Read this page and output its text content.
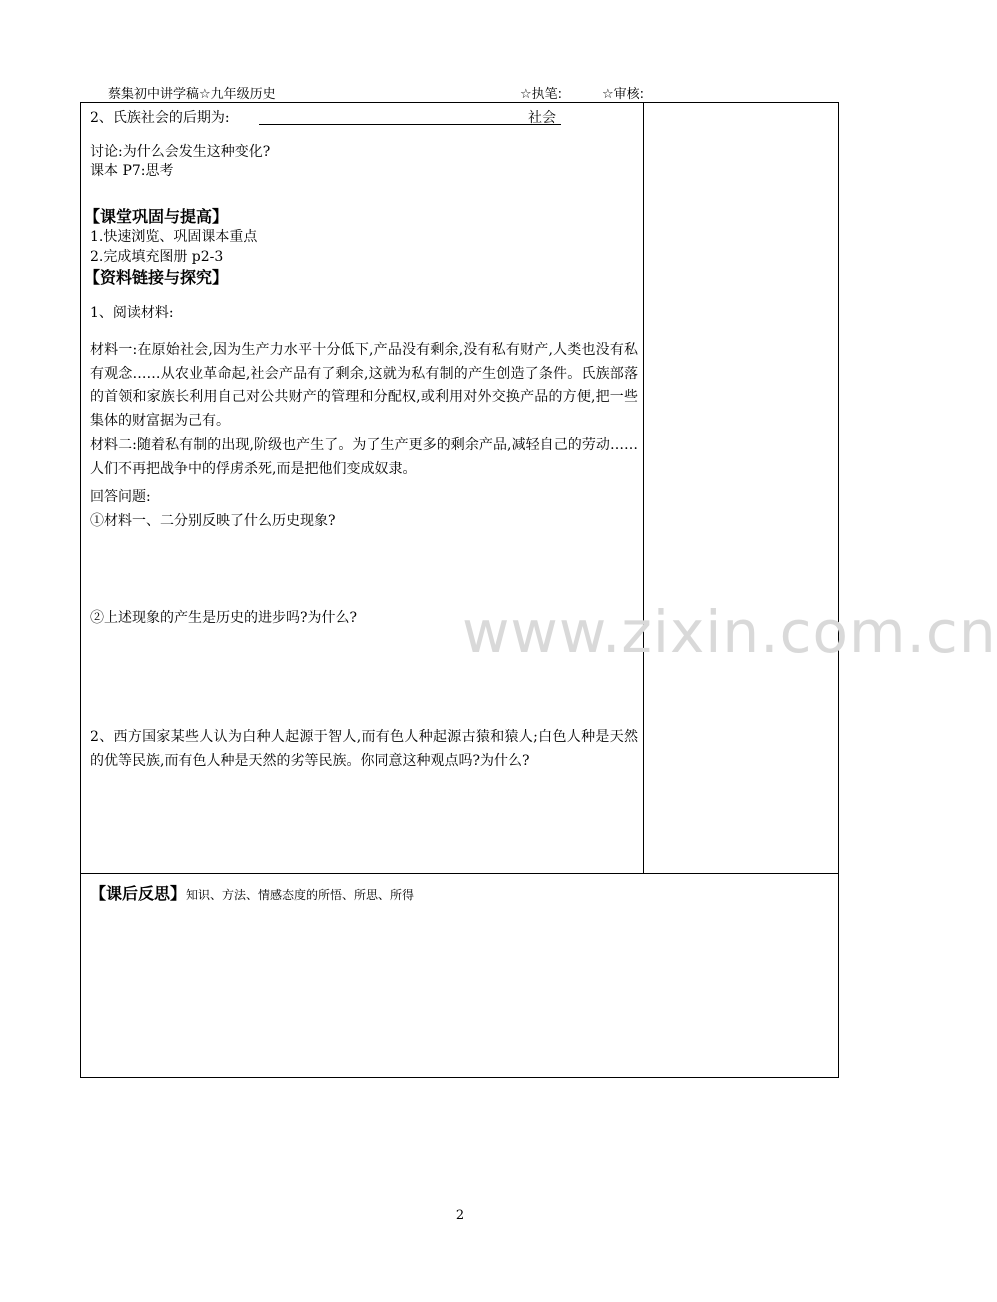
蔡集初中讲学稿☆九年级历史	☆执笔:	☆审核:
2、氏族社会的后期为:	社会
讨论:为什么会发生这种变化?
课本 P7:思考
【课堂巩固与提高】
1.快速浏览、巩固课本重点
2.完成填充图册 p2-3
【资料链接与探究】
1、阅读材料:
材料一:在原始社会,因为生产力水平十分低下,产品没有剩余,没有私有财产,人类也没有私有观念……从农业革命起,社会产品有了剩余,这就为私有制的产生创造了条件。氏族部落的首领和家族长利用自己对公共财产的管理和分配权,或利用对外交换产品的方便,把一些集体的财富据为己有。
材料二:随着私有制的出现,阶级也产生了。为了生产更多的剩余产品,减轻自己的劳动……人们不再把战争中的俘虏杀死,而是把他们变成奴隶。
回答问题:
①材料一、二分别反映了什么历史现象?
②上述现象的产生是历史的进步吗?为什么?
2、西方国家某些人认为白种人起源于智人,而有色人种起源古猿和猿人;白色人种是天然的优等民族,而有色人种是天然的劣等民族。你同意这种观点吗?为什么?
【课后反思】知识、方法、情感态度的所悟、所思、所得
www.zixin.com.cn
2
